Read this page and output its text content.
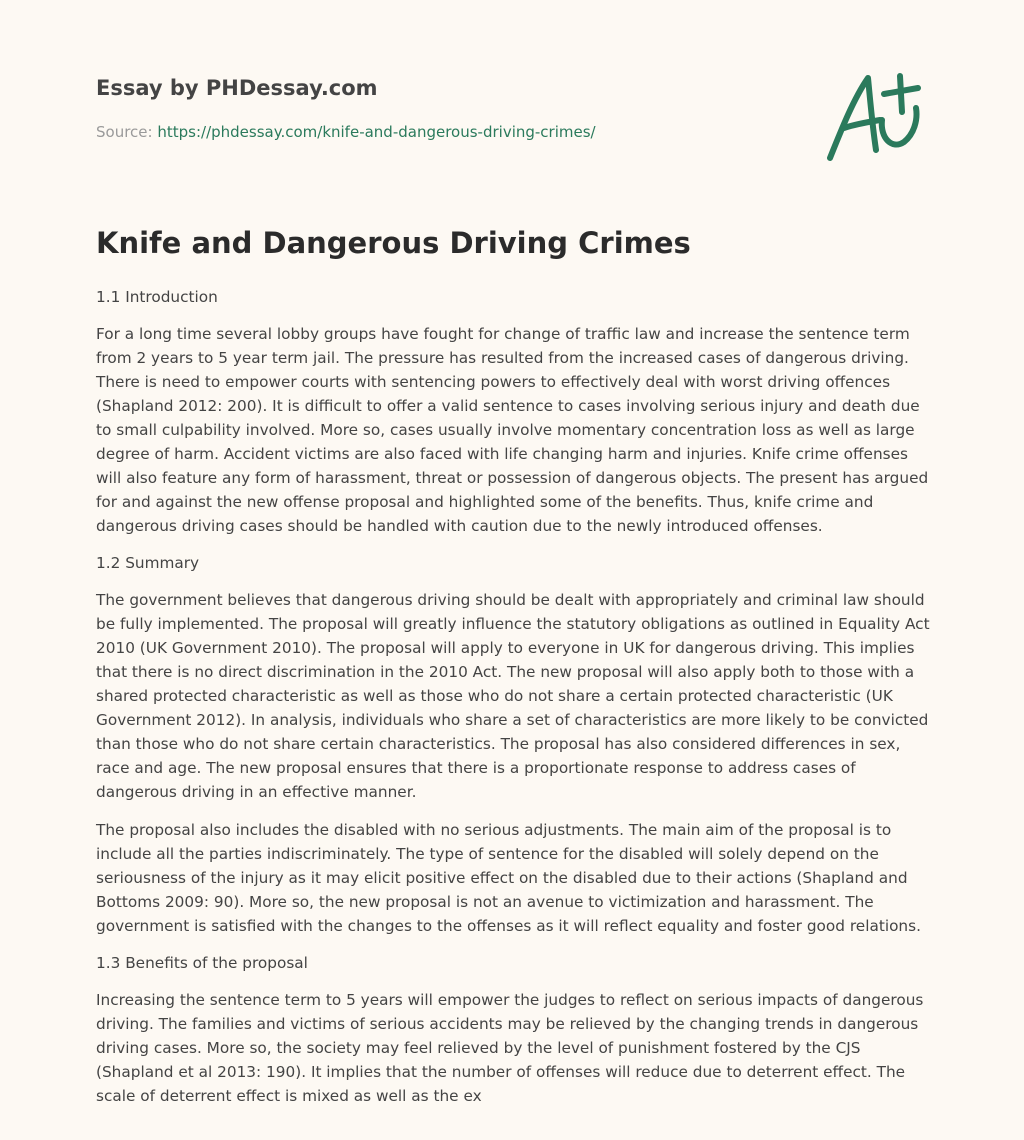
Essay by PHDessay.com

Source: https://phdessay.com/knife-and-dangerous-driving-crimes/

Knife and Dangerous Driving Crimes
1.1 Introduction

For a long time several lobby groups have fought for change of traffic law and increase the sentence term from 2 years to 5 year term jail. The pressure has resulted from the increased cases of dangerous driving. There is need to empower courts with sentencing powers to effectively deal with worst driving offences (Shapland 2012: 200). It is difficult to offer a valid sentence to cases involving serious injury and death due to small culpability involved. More so, cases usually involve momentary concentration loss as well as large degree of harm. Accident victims are also faced with life changing harm and injuries. Knife crime offenses will also feature any form of harassment, threat or possession of dangerous objects. The present has argued for and against the new offense proposal and highlighted some of the benefits. Thus, knife crime and dangerous driving cases should be handled with caution due to the newly introduced offenses.

1.2 Summary

The government believes that dangerous driving should be dealt with appropriately and criminal law should be fully implemented. The proposal will greatly influence the statutory obligations as outlined in Equality Act 2010 (UK Government 2010). The proposal will apply to everyone in UK for dangerous driving. This implies that there is no direct discrimination in the 2010 Act. The new proposal will also apply both to those with a shared protected characteristic as well as those who do not share a certain protected characteristic (UK Government 2012). In analysis, individuals who share a set of characteristics are more likely to be convicted than those who do not share certain characteristics. The proposal has also considered differences in sex, race and age. The new proposal ensures that there is a proportionate response to address cases of dangerous driving in an effective manner.

The proposal also includes the disabled with no serious adjustments. The main aim of the proposal is to include all the parties indiscriminately. The type of sentence for the disabled will solely depend on the seriousness of the injury as it may elicit positive effect on the disabled due to their actions (Shapland and Bottoms 2009: 90). More so, the new proposal is not an avenue to victimization and harassment. The government is satisfied with the changes to the offenses as it will reflect equality and foster good relations.

1.3 Benefits of the proposal

Increasing the sentence term to 5 years will empower the judges to reflect on serious impacts of dangerous driving. The families and victims of serious accidents may be relieved by the changing trends in dangerous driving cases. More so, the society may feel relieved by the level of punishment fostered by the CJS (Shapland et al 2013: 190). It implies that the number of offenses will reduce due to deterrent effect. The scale of deterrent effect is mixed as well as the ex
